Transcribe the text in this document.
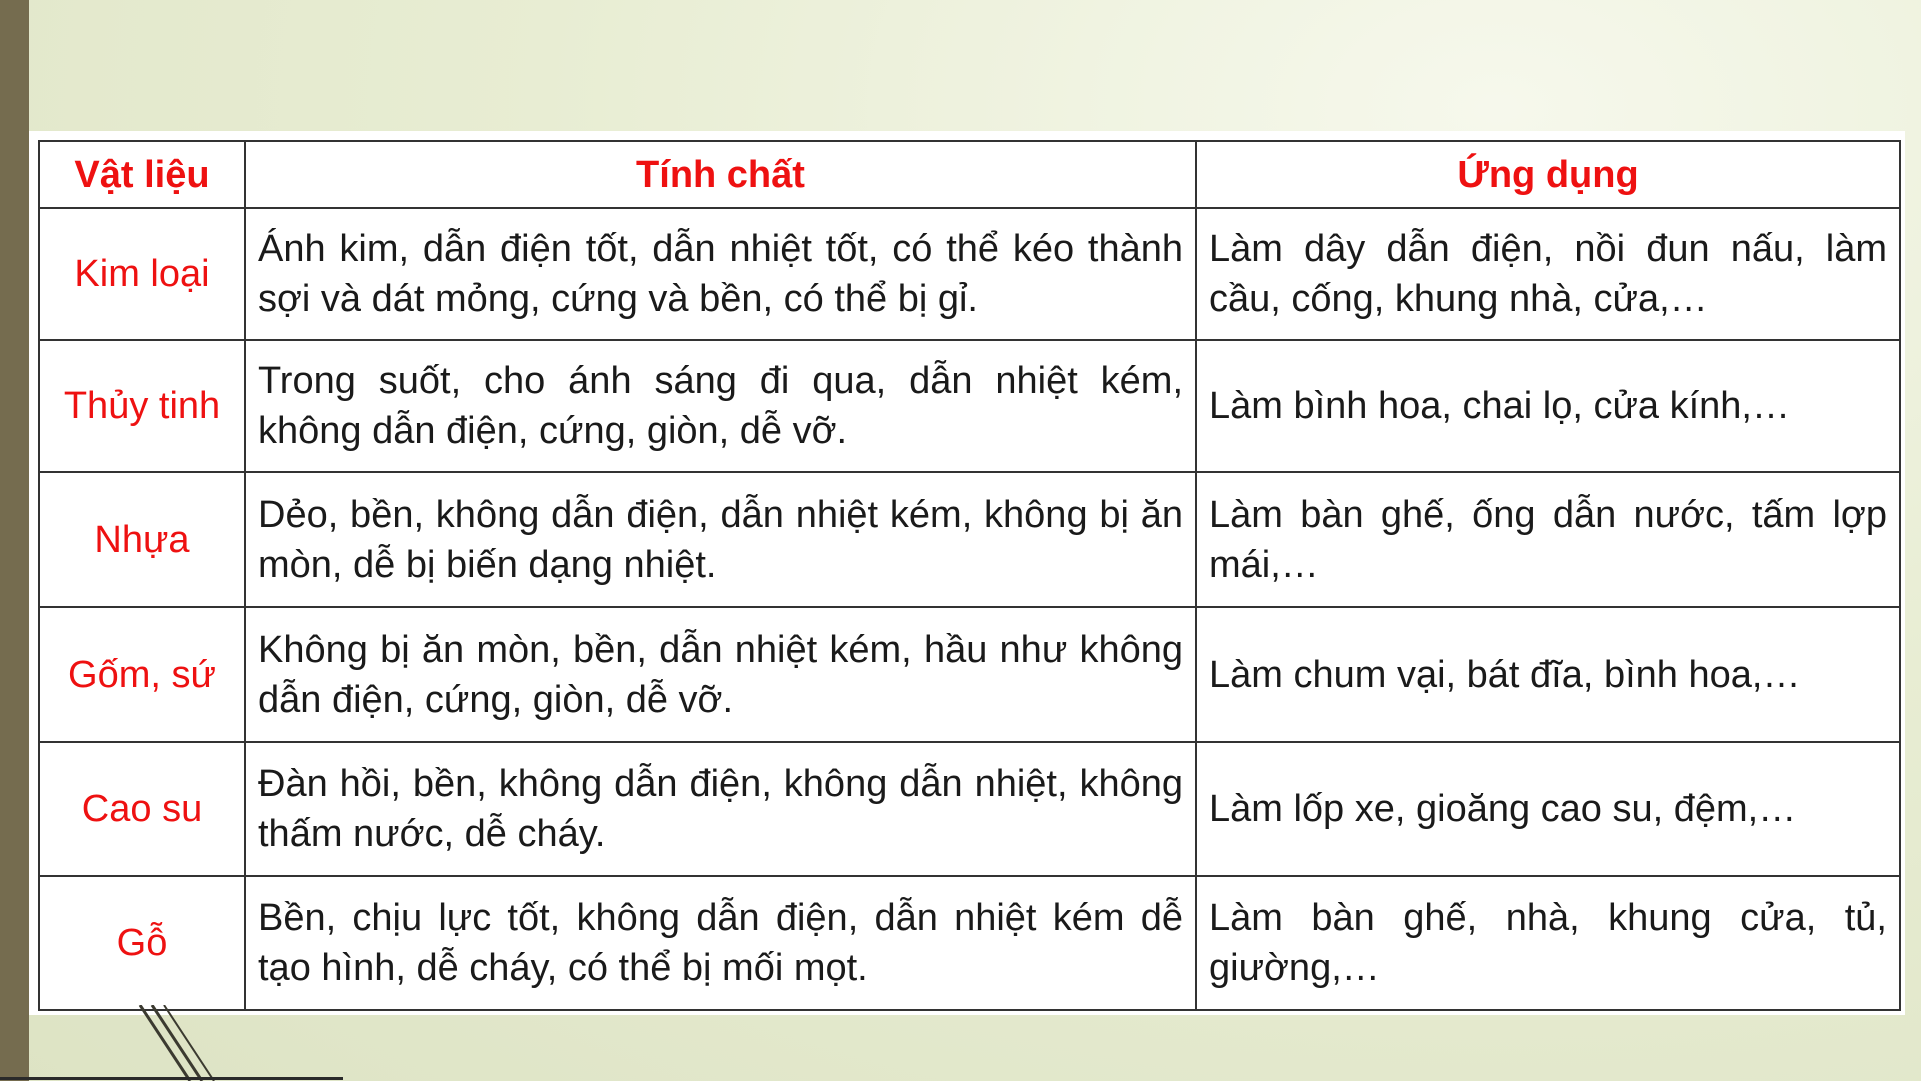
Vật liệu	Tính chất	Ứng dụng
Kim loại	Ánh kim, dẫn điện tốt, dẫn nhiệt tốt, có thể kéo thành sợi và dát mỏng, cứng và bền, có thể bị gỉ.	Làm dây dẫn điện, nồi đun nấu, làm cầu, cống, khung nhà, cửa,…
Thủy tinh	Trong suốt, cho ánh sáng đi qua, dẫn nhiệt kém, không dẫn điện, cứng, giòn, dễ vỡ.	Làm bình hoa, chai lọ, cửa kính,…
Nhựa	Dẻo, bền, không dẫn điện, dẫn nhiệt kém, không bị ăn mòn, dễ bị biến dạng nhiệt.	Làm bàn ghế, ống dẫn nước, tấm lợp mái,…
Gốm, sứ	Không bị ăn mòn, bền, dẫn nhiệt kém, hầu như không dẫn điện, cứng, giòn, dễ vỡ.	Làm chum vại, bát đĩa, bình hoa,…
Cao su	Đàn hồi, bền, không dẫn điện, không dẫn nhiệt, không thấm nước, dễ cháy.	Làm lốp xe, gioăng cao su, đệm,…
Gỗ	Bền, chịu lực tốt, không dẫn điện, dẫn nhiệt kém dễ tạo hình, dễ cháy, có thể bị mối mọt.	Làm bàn ghế, nhà, khung cửa, tủ, giường,…
